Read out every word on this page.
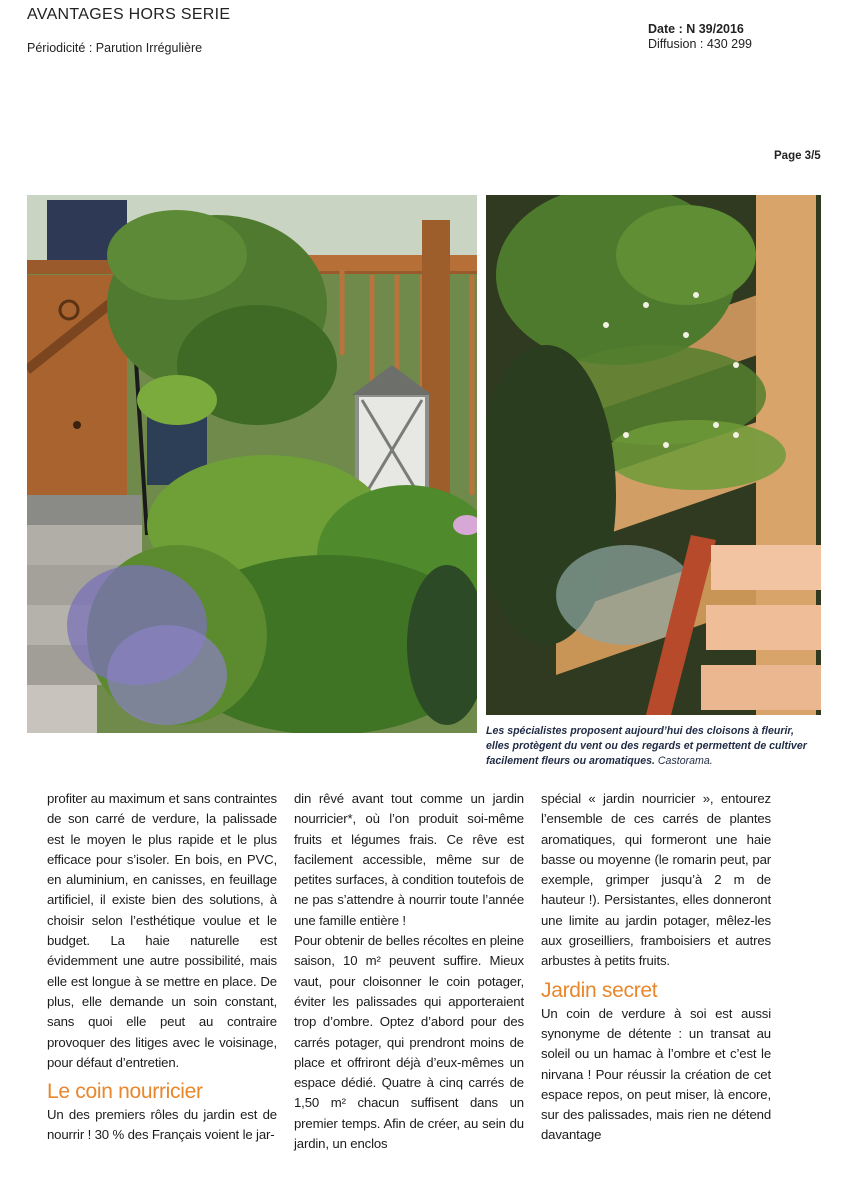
AVANTAGES HORS SERIE
Périodicité : Parution Irrégulière
Date : N 39/2016
Diffusion : 430 299
Page 3/5
Les spécialistes proposent aujourd’hui des cloisons à fleurir, elles protègent du vent ou des regards et permettent de cultiver facilement fleurs ou aromatiques. Castorama.

profiter au maximum et sans contraintes de son carré de verdure, la palissade est le moyen le plus rapide et le plus efficace pour s’isoler. En bois, en PVC, en aluminium, en canisses, en feuillage artificiel, il existe bien des solutions, à choisir selon l’esthétique voulue et le budget. La haie naturelle est évidemment une autre possibilité, mais elle est longue à se mettre en place. De plus, elle demande un soin constant, sans quoi elle peut au contraire provoquer des litiges avec le voisinage, pour défaut d’entretien.

Le coin nourricier

Un des premiers rôles du jardin est de nourrir ! 30 % des Français voient le jar-

din rêvé avant tout comme un jardin nourricier*, où l’on produit soi-même fruits et légumes frais. Ce rêve est facilement accessible, même sur de petites surfaces, à condition toutefois de ne pas s’attendre à nourrir toute l’année une famille entière !

Pour obtenir de belles récoltes en pleine saison, 10 m² peuvent suffire. Mieux vaut, pour cloisonner le coin potager, éviter les palissades qui apporteraient trop d’ombre. Optez d’abord pour des carrés potager, qui prendront moins de place et offriront déjà d’eux-mêmes un espace dédié. Quatre à cinq carrés de 1,50 m² chacun suffisent dans un premier temps. Afin de créer, au sein du jardin, un enclos

spécial « jardin nourricier », entourez l’ensemble de ces carrés de plantes aromatiques, qui formeront une haie basse ou moyenne (le romarin peut, par exemple, grimper jusqu’à 2 m de hauteur !). Persistantes, elles donneront une limite au jardin potager, mêlez-les aux groseilliers, framboisiers et autres arbustes à petits fruits.

Jardin secret

Un coin de verdure à soi est aussi synonyme de détente : un transat au soleil ou un hamac à l’ombre et c’est le nirvana ! Pour réussir la création de cet espace repos, on peut miser, là encore, sur des palissades, mais rien ne détend davantage
